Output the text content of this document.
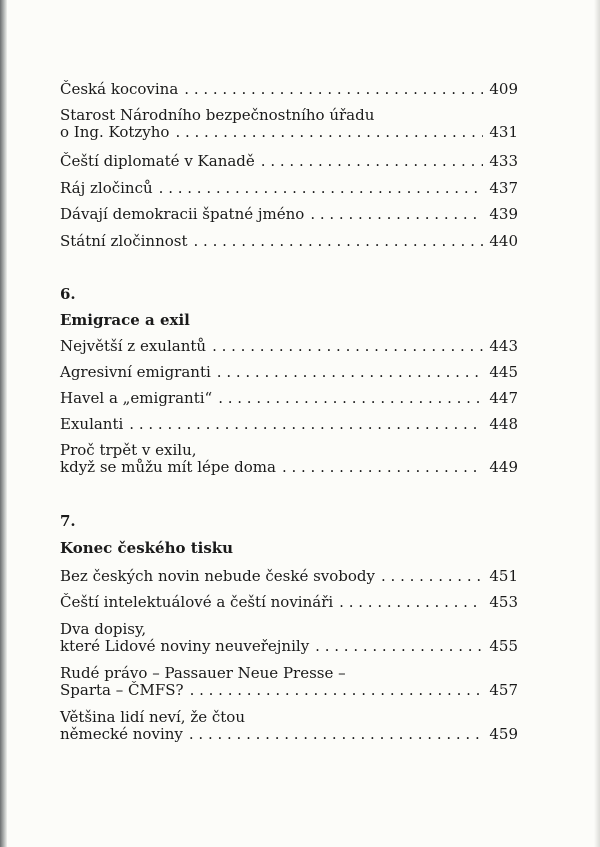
Česká kocovina . . .	409
Starost Národního bezpečnostního úřadu
o Ing. Kotzyho . . .	431
Čeští diplomaté v Kanadě . . .	433
Ráj zločinců . . .	437
Dávají demokracii špatné jméno . . .	439
Státní zločinnost . . .	440
Největší z exulantů . . .	443
Agresivní emigranti . . .	445
Havel a „emigranti“ . . .	447
Exulanti . . .	448
Proč trpět v exilu,
když se můžu mít lépe doma . . .	449
Bez českých novin nebude české svobody . . .	451
Čeští intelektuálové a čeští novináři . . .	453
Dva dopisy,
které Lidové noviny neuveřejnily . . .	455
Rudé právo – Passauer Neue Presse –
Sparta – ČMFS? . . .	457
Většina lidí neví, že čtou
německé noviny . . .	459
6.
Emigrace a exil
7.
Konec českého tisku
